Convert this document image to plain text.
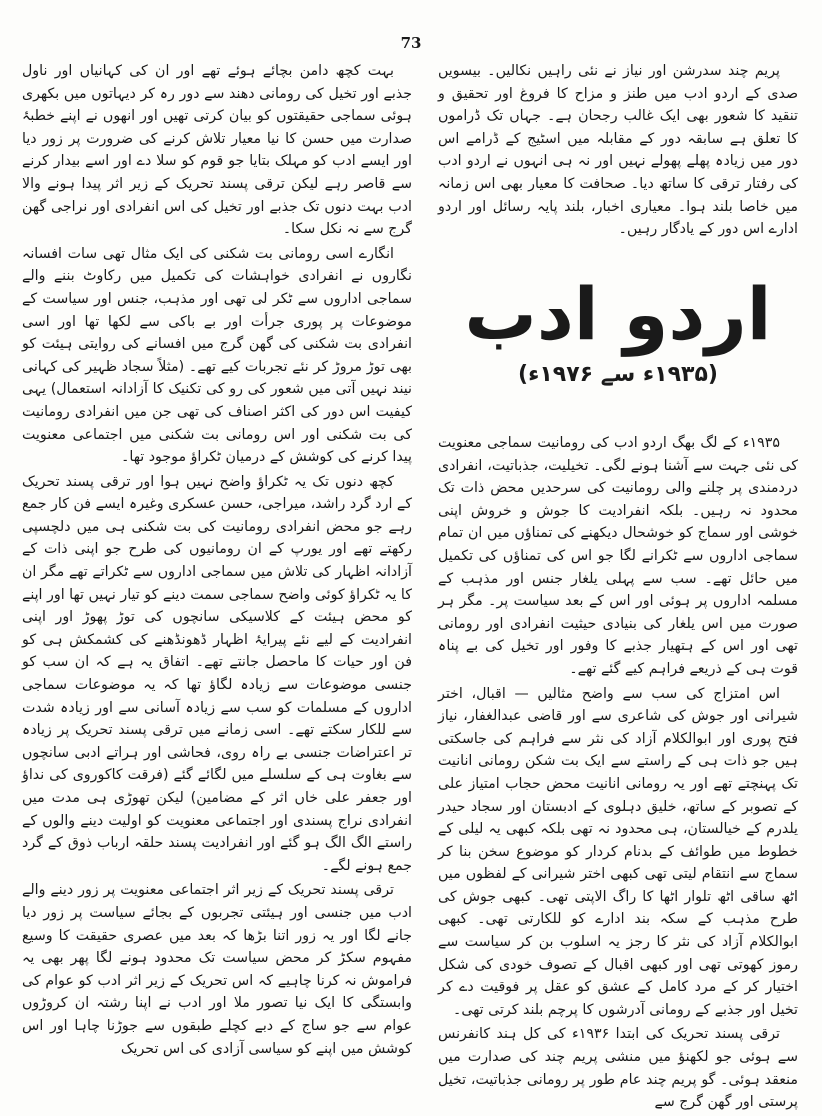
73

پریم چند سدرشن اور نیاز نے نئی راہیں نکالیں۔ بیسویں صدی کے اردو ادب میں طنز و مزاح کا فروغ اور تحقیق و تنقید کا شعور بھی ایک غالب رجحان ہے۔ جہاں تک ڈراموں کا تعلق ہے سابقہ دور کے مقابلہ میں اسٹیج کے ڈرامے اس دور میں زیادہ پھلے پھولے نہیں اور نہ ہی انہوں نے اردو ادب کی رفتار ترقی کا ساتھ دیا۔ صحافت کا معیار بھی اس زمانہ میں خاصا بلند ہوا۔ معیاری اخبار، بلند پایہ رسائل اور اردو ادارے اس دور کے یادگار رہیں۔

اردو ادب
(۱۹۳۵ء سے ۱۹۷۶ء)

۱۹۳۵ء کے لگ بھگ اردو ادب کی رومانیت سماجی معنویت کی نئی جہت سے آشنا ہونے لگی۔ تخیلیت، جذباتیت، انفرادی دردمندی پر چلنے والی رومانیت کی سرحدیں محض ذات تک محدود نہ رہیں۔ بلکہ انفرادیت کا جوش و خروش اپنی خوشی اور سماج کو خوشحال دیکھنے کی تمناؤں میں ان تمام سماجی اداروں سے ٹکرانے لگا جو اس کی تمناؤں کی تکمیل میں حائل تھے۔ سب سے پہلی یلغار جنس اور مذہب کے مسلمہ اداروں پر ہوئی اور اس کے بعد سیاست پر۔ مگر ہر صورت میں اس یلغار کی بنیادی حیثیت انفرادی اور رومانی تھی اور اس کے ہتھیار جذبے کا وفور اور تخیل کی بے پناہ قوت ہی کے ذریعے فراہم کیے گئے تھے۔

اس امتزاج کی سب سے واضح مثالیں — اقبال، اختر شیرانی اور جوش کی شاعری سے اور قاضی عبدالغفار، نیاز فتح پوری اور ابوالکلام آزاد کی نثر سے فراہم کی جاسکتی ہیں جو ذات ہی کے راستے سے ایک بت شکن رومانی انانیت تک پہنچتے تھے اور یہ رومانی انانیت محض حجاب امتیاز علی کے تصوبر کے ساتھ، خلیق دہلوی کے ادبستان اور سجاد حیدر یلدرم کے خیالستان، ہی محدود نہ تھی بلکہ کبھی یہ لیلی کے خطوط میں طوائف کے بدنام کردار کو موضوع سخن بنا کر سماج سے انتقام لیتی تھی کبھی اختر شیرانی کے لفظوں میں اٹھ ساقی اٹھ تلوار اٹھا کا راگ الاپتی تھی۔ کبھی جوش کی طرح مذہب کے سکہ بند ادارے کو للکارتی تھی۔ کبھی ابوالکلام آزاد کی نثر کا رجز یہ اسلوب بن کر سیاست سے رموز کھوتی تھی اور کبھی اقبال کے تصوف خودی کی شکل اختیار کر کے مرد کامل کے عشق کو عقل پر فوقیت دے کر تخیل اور جذبے کے رومانی آدرشوں کا پرچم بلند کرتی تھی۔

ترقی پسند تحریک کی ابتدا ۱۹۳۶ء کی کل ہند کانفرنس سے ہوئی جو لکھنؤ میں منشی پریم چند کی صدارت میں منعقد ہوئی۔ گو پریم چند عام طور پر رومانی جذباتیت، تخیل پرستی اور گھن گرج سے

بہت کچھ دامن بچائے ہوئے تھے اور ان کی کہانیاں اور ناول جذبے اور تخیل کی رومانی دھند سے دور رہ کر دیہاتوں میں بکھری ہوئی سماجی حقیقتوں کو بیان کرتی تھیں اور انھوں نے اپنے خطبۂ صدارت میں حسن کا نیا معیار تلاش کرنے کی ضرورت پر زور دیا اور ایسے ادب کو مہلک بتایا جو قوم کو سلا دے اور اسے بیدار کرنے سے قاصر رہے لیکن ترقی پسند تحریک کے زیر اثر پیدا ہونے والا ادب بہت دنوں تک جذبے اور تخیل کی اس انفرادی اور نراجی گھن گرج سے نہ نکل سکا۔

انگارے اسی رومانی بت شکنی کی ایک مثال تھی سات افسانہ نگاروں نے انفرادی خواہشات کی تکمیل میں رکاوٹ بننے والے سماجی اداروں سے ٹکر لی تھی اور مذہب، جنس اور سیاست کے موضوعات پر پوری جرأت اور بے باکی سے لکھا تھا اور اسی انفرادی بت شکنی کی گھن گرج میں افسانے کی روایتی ہیئت کو بھی توڑ مروڑ کر نئے تجربات کیے تھے۔ (مثلاً سجاد ظہیر کی کہانی نیند نہیں آتی میں شعور کی رو کی تکنیک کا آزادانہ استعمال) یہی کیفیت اس دور کی اکثر اصناف کی تھی جن میں انفرادی رومانیت کی بت شکنی اور اس رومانی بت شکنی میں اجتماعی معنویت پیدا کرنے کی کوشش کے درمیان ٹکراؤ موجود تھا۔

کچھ دنوں تک یہ ٹکراؤ واضح نہیں ہوا اور ترقی پسند تحریک کے ارد گرد راشد، میراجی، حسن عسکری وغیرہ ایسے فن کار جمع رہے جو محض انفرادی رومانیت کی بت شکنی ہی میں دلچسپی رکھتے تھے اور یورپ کے ان رومانیوں کی طرح جو اپنی ذات کے آزادانہ اظہار کی تلاش میں سماجی اداروں سے ٹکراتے تھے مگر ان کا یہ ٹکراؤ کوئی واضح سماجی سمت دینے کو تیار نہیں تھا اور اپنے کو محض ہیئت کے کلاسیکی سانچوں کی توڑ پھوڑ اور اپنی انفرادیت کے لیے نئے پیرایۂ اظہار ڈھونڈھنے کی کشمکش ہی کو فن اور حیات کا ماحصل جانتے تھے۔ اتفاق یہ ہے کہ ان سب کو جنسی موضوعات سے زیادہ لگاؤ تھا کہ یہ موضوعات سماجی اداروں کے مسلمات کو سب سے زیادہ آسانی سے اور زیادہ شدت سے للکار سکتے تھے۔ اسی زمانے میں ترقی پسند تحریک پر زیادہ تر اعتراضات جنسی بے راہ روی، فحاشی اور ہراتے ادبی سانچوں سے بغاوت ہی کے سلسلے میں لگائے گئے (فرقت کاکوروی کی نداؤ اور جعفر علی خاں اثر کے مضامین) لیکن تھوڑی ہی مدت میں انفرادی نراج پسندی اور اجتماعی معنویت کو اولیت دینے والوں کے راستے الگ الگ ہو گئے اور انفرادیت پسند حلقہ ارباب ذوق کے گرد جمع ہونے لگے۔

ترقی پسند تحریک کے زیر اثر اجتماعی معنویت پر زور دینے والے ادب میں جنسی اور ہیئتی تجربوں کے بجائے سیاست پر زور دیا جانے لگا اور یہ زور اتنا بڑھا کہ بعد میں عصری حقیقت کا وسیع مفہوم سکڑ کر محض سیاست تک محدود ہونے لگا پھر بھی یہ فراموش نہ کرنا چاہیے کہ اس تحریک کے زیر اثر ادب کو عوام کی وابستگی کا ایک نیا تصور ملا اور ادب نے اپنا رشتہ ان کروڑوں عوام سے جو ساج کے دبے کچلے طبقوں سے جوڑنا چاہا اور اس کوشش میں اپنے کو سیاسی آزادی کی اس تحریک
